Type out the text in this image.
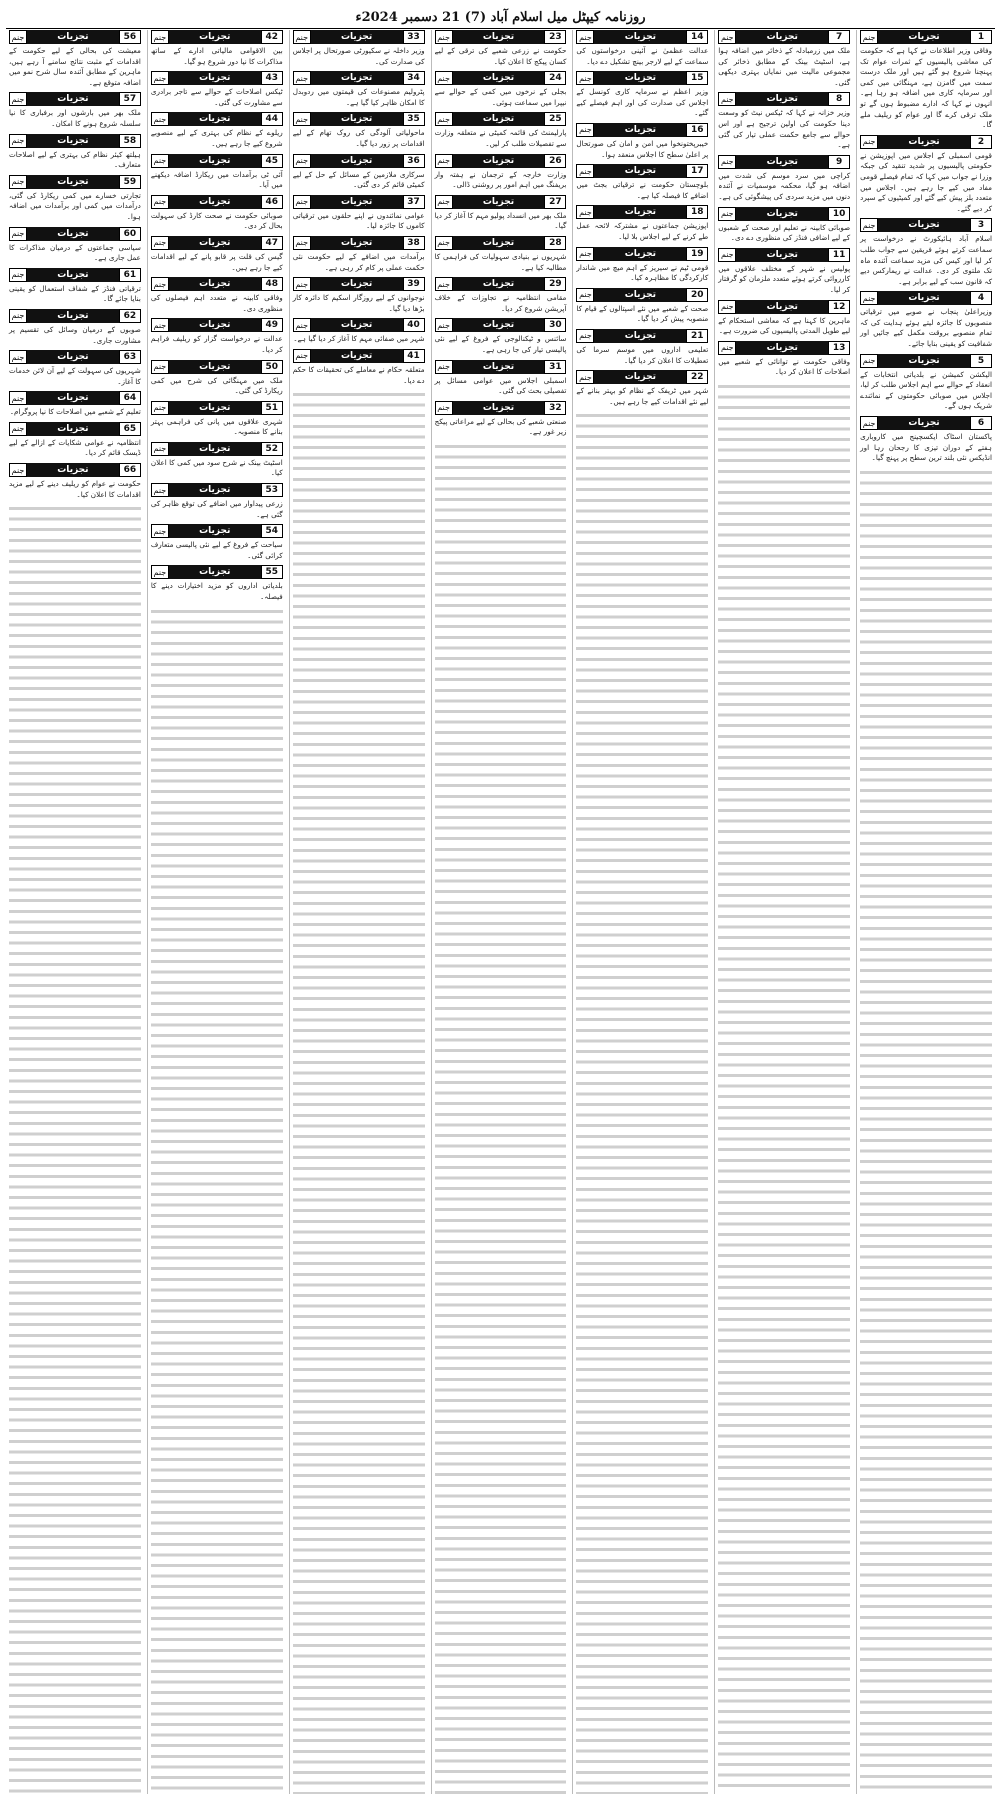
روزنامہ کیپٹل میل اسلام آباد (7) 21 دسمبر 2024ء
1
تجزیات
جنم
وفاقی وزیر اطلاعات نے کہا ہے کہ حکومت کی معاشی پالیسیوں کے ثمرات عوام تک پہنچنا شروع ہو گئے ہیں اور ملک درست سمت میں گامزن ہے، مہنگائی میں کمی اور سرمایہ کاری میں اضافہ ہو رہا ہے۔ انہوں نے کہا کہ ادارے مضبوط ہوں گے تو ملک ترقی کرے گا اور عوام کو ریلیف ملے گا۔
2
تجزیات
جنم
قومی اسمبلی کے اجلاس میں اپوزیشن نے حکومتی پالیسیوں پر شدید تنقید کی جبکہ وزرا نے جواب میں کہا کہ تمام فیصلے قومی مفاد میں کیے جا رہے ہیں۔ اجلاس میں متعدد بلز پیش کیے گئے اور کمیٹیوں کے سپرد کر دیے گئے۔
3
تجزیات
جنم
اسلام آباد ہائیکورٹ نے درخواست پر سماعت کرتے ہوئے فریقین سے جواب طلب کر لیا اور کیس کی مزید سماعت آئندہ ماہ تک ملتوی کر دی۔ عدالت نے ریمارکس دیے کہ قانون سب کے لیے برابر ہے۔
4
تجزیات
جنم
وزیراعلیٰ پنجاب نے صوبے میں ترقیاتی منصوبوں کا جائزہ لیتے ہوئے ہدایت کی کہ تمام منصوبے بروقت مکمل کیے جائیں اور شفافیت کو یقینی بنایا جائے۔
5
تجزیات
جنم
الیکشن کمیشن نے بلدیاتی انتخابات کے انعقاد کے حوالے سے اہم اجلاس طلب کر لیا، اجلاس میں صوبائی حکومتوں کے نمائندے شریک ہوں گے۔
6
تجزیات
جنم
پاکستان اسٹاک ایکسچینج میں کاروباری ہفتے کے دوران تیزی کا رجحان رہا اور انڈیکس نئی بلند ترین سطح پر پہنچ گیا۔
7
تجزیات
جنم
ملک میں زرمبادلہ کے ذخائر میں اضافہ ہوا ہے، اسٹیٹ بینک کے مطابق ذخائر کی مجموعی مالیت میں نمایاں بہتری دیکھی گئی۔
8
تجزیات
جنم
وزیر خزانہ نے کہا کہ ٹیکس نیٹ کو وسعت دینا حکومت کی اولین ترجیح ہے اور اس حوالے سے جامع حکمت عملی تیار کی گئی ہے۔
9
تجزیات
جنم
کراچی میں سرد موسم کی شدت میں اضافہ ہو گیا، محکمہ موسمیات نے آئندہ دنوں میں مزید سردی کی پیشگوئی کی ہے۔
10
تجزیات
جنم
صوبائی کابینہ نے تعلیم اور صحت کے شعبوں کے لیے اضافی فنڈز کی منظوری دے دی۔
11
تجزیات
جنم
پولیس نے شہر کے مختلف علاقوں میں کارروائی کرتے ہوئے متعدد ملزمان کو گرفتار کر لیا۔
12
تجزیات
جنم
ماہرین کا کہنا ہے کہ معاشی استحکام کے لیے طویل المدتی پالیسیوں کی ضرورت ہے۔
13
تجزیات
جنم
وفاقی حکومت نے توانائی کے شعبے میں اصلاحات کا اعلان کر دیا۔
14
تجزیات
جنم
عدالت عظمیٰ نے آئینی درخواستوں کی سماعت کے لیے لارجر بینچ تشکیل دے دیا۔
15
تجزیات
جنم
وزیر اعظم نے سرمایہ کاری کونسل کے اجلاس کی صدارت کی اور اہم فیصلے کیے گئے۔
16
تجزیات
جنم
خیبرپختونخوا میں امن و امان کی صورتحال پر اعلیٰ سطح کا اجلاس منعقد ہوا۔
17
تجزیات
جنم
بلوچستان حکومت نے ترقیاتی بجٹ میں اضافے کا فیصلہ کیا ہے۔
18
تجزیات
جنم
اپوزیشن جماعتوں نے مشترکہ لائحہ عمل طے کرنے کے لیے اجلاس بلا لیا۔
19
تجزیات
جنم
قومی ٹیم نے سیریز کے اہم میچ میں شاندار کارکردگی کا مظاہرہ کیا۔
20
تجزیات
جنم
صحت کے شعبے میں نئے اسپتالوں کے قیام کا منصوبہ پیش کر دیا گیا۔
21
تجزیات
جنم
تعلیمی اداروں میں موسم سرما کی تعطیلات کا اعلان کر دیا گیا۔
22
تجزیات
جنم
شہر میں ٹریفک کے نظام کو بہتر بنانے کے لیے نئے اقدامات کیے جا رہے ہیں۔
23
تجزیات
جنم
حکومت نے زرعی شعبے کی ترقی کے لیے کسان پیکج کا اعلان کیا۔
24
تجزیات
جنم
بجلی کے نرخوں میں کمی کے حوالے سے نیپرا میں سماعت ہوئی۔
25
تجزیات
جنم
پارلیمنٹ کی قائمہ کمیٹی نے متعلقہ وزارت سے تفصیلات طلب کر لیں۔
26
تجزیات
جنم
وزارت خارجہ کے ترجمان نے ہفتہ وار بریفنگ میں اہم امور پر روشنی ڈالی۔
27
تجزیات
جنم
ملک بھر میں انسداد پولیو مہم کا آغاز کر دیا گیا۔
28
تجزیات
جنم
شہریوں نے بنیادی سہولیات کی فراہمی کا مطالبہ کیا ہے۔
29
تجزیات
جنم
مقامی انتظامیہ نے تجاوزات کے خلاف آپریشن شروع کر دیا۔
30
تجزیات
جنم
سائنس و ٹیکنالوجی کے فروغ کے لیے نئی پالیسی تیار کی جا رہی ہے۔
31
تجزیات
جنم
اسمبلی اجلاس میں عوامی مسائل پر تفصیلی بحث کی گئی۔
32
تجزیات
جنم
صنعتی شعبے کی بحالی کے لیے مراعاتی پیکج زیر غور ہے۔
33
تجزیات
جنم
وزیر داخلہ نے سکیورٹی صورتحال پر اجلاس کی صدارت کی۔
34
تجزیات
جنم
پٹرولیم مصنوعات کی قیمتوں میں ردوبدل کا امکان ظاہر کیا گیا ہے۔
35
تجزیات
جنم
ماحولیاتی آلودگی کی روک تھام کے لیے اقدامات پر زور دیا گیا۔
36
تجزیات
جنم
سرکاری ملازمین کے مسائل کے حل کے لیے کمیٹی قائم کر دی گئی۔
37
تجزیات
جنم
عوامی نمائندوں نے اپنے حلقوں میں ترقیاتی کاموں کا جائزہ لیا۔
38
تجزیات
جنم
برآمدات میں اضافے کے لیے حکومت نئی حکمت عملی پر کام کر رہی ہے۔
39
تجزیات
جنم
نوجوانوں کے لیے روزگار اسکیم کا دائرہ کار بڑھا دیا گیا۔
40
تجزیات
جنم
شہر میں صفائی مہم کا آغاز کر دیا گیا ہے۔
41
تجزیات
جنم
متعلقہ حکام نے معاملے کی تحقیقات کا حکم دے دیا۔
42
تجزیات
جنم
بین الاقوامی مالیاتی ادارے کے ساتھ مذاکرات کا نیا دور شروع ہو گیا۔
43
تجزیات
جنم
ٹیکس اصلاحات کے حوالے سے تاجر برادری سے مشاورت کی گئی۔
44
تجزیات
جنم
ریلوے کے نظام کی بہتری کے لیے منصوبے شروع کیے جا رہے ہیں۔
45
تجزیات
جنم
آئی ٹی برآمدات میں ریکارڈ اضافہ دیکھنے میں آیا۔
46
تجزیات
جنم
صوبائی حکومت نے صحت کارڈ کی سہولت بحال کر دی۔
47
تجزیات
جنم
گیس کی قلت پر قابو پانے کے لیے اقدامات کیے جا رہے ہیں۔
48
تجزیات
جنم
وفاقی کابینہ نے متعدد اہم فیصلوں کی منظوری دی۔
49
تجزیات
جنم
عدالت نے درخواست گزار کو ریلیف فراہم کر دیا۔
50
تجزیات
جنم
ملک میں مہنگائی کی شرح میں کمی ریکارڈ کی گئی۔
51
تجزیات
جنم
شہری علاقوں میں پانی کی فراہمی بہتر بنانے کا منصوبہ۔
52
تجزیات
جنم
اسٹیٹ بینک نے شرح سود میں کمی کا اعلان کیا۔
53
تجزیات
جنم
زرعی پیداوار میں اضافے کی توقع ظاہر کی گئی ہے۔
54
تجزیات
جنم
سیاحت کے فروغ کے لیے نئی پالیسی متعارف کرائی گئی۔
55
تجزیات
جنم
بلدیاتی اداروں کو مزید اختیارات دینے کا فیصلہ۔
56
تجزیات
جنم
معیشت کی بحالی کے لیے حکومت کے اقدامات کے مثبت نتائج سامنے آ رہے ہیں، ماہرین کے مطابق آئندہ سال شرح نمو میں اضافہ متوقع ہے۔
57
تجزیات
جنم
ملک بھر میں بارشوں اور برفباری کا نیا سلسلہ شروع ہونے کا امکان۔
58
تجزیات
جنم
ہیلتھ کیئر نظام کی بہتری کے لیے اصلاحات متعارف۔
59
تجزیات
جنم
تجارتی خسارے میں کمی ریکارڈ کی گئی، درآمدات میں کمی اور برآمدات میں اضافہ ہوا۔
60
تجزیات
جنم
سیاسی جماعتوں کے درمیان مذاکرات کا عمل جاری ہے۔
61
تجزیات
جنم
ترقیاتی فنڈز کے شفاف استعمال کو یقینی بنایا جائے گا۔
62
تجزیات
جنم
صوبوں کے درمیان وسائل کی تقسیم پر مشاورت جاری۔
63
تجزیات
جنم
شہریوں کی سہولت کے لیے آن لائن خدمات کا آغاز۔
64
تجزیات
جنم
تعلیم کے شعبے میں اصلاحات کا نیا پروگرام۔
65
تجزیات
جنم
انتظامیہ نے عوامی شکایات کے ازالے کے لیے ڈیسک قائم کر دیا۔
66
تجزیات
جنم
حکومت نے عوام کو ریلیف دینے کے لیے مزید اقدامات کا اعلان کیا۔
